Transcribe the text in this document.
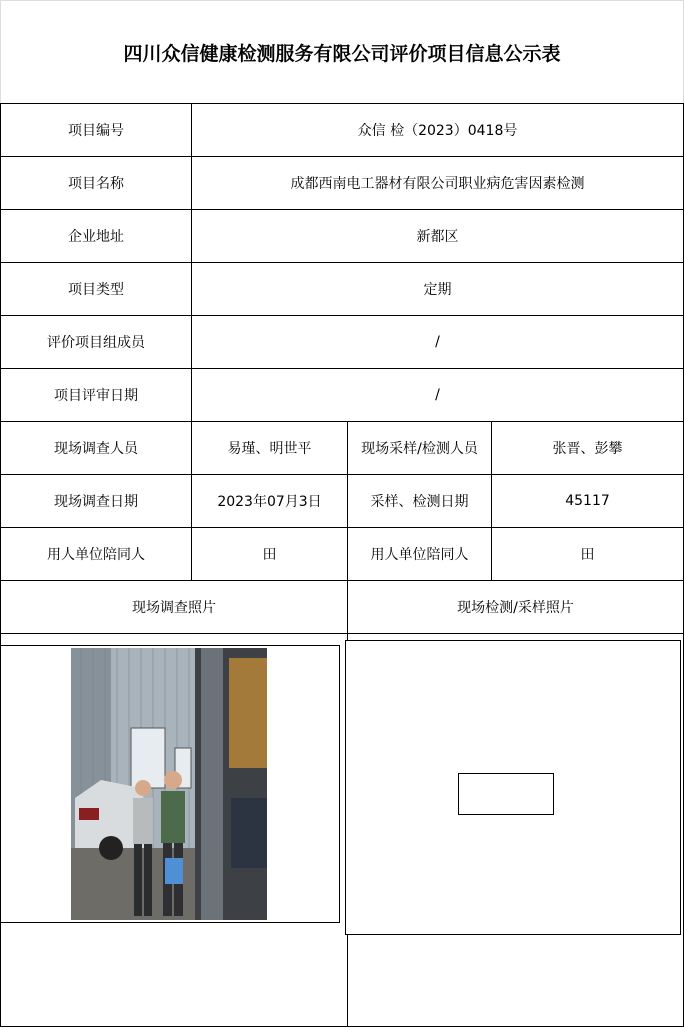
四川众信健康检测服务有限公司评价项目信息公示表
项目编号	众信 检（2023）0418号
项目名称	成都西南电工器材有限公司职业病危害因素检测
企业地址	新都区
项目类型	定期
评价项目组成员	/
项目评审日期	/
现场调查人员	易瑾、明世平	现场采样/检测人员	张晋、彭攀
现场调查日期	2023年07月3日	采样、检测日期	45117
用人单位陪同人	田	用人单位陪同人	田
现场调查照片	现场检测/采样照片
